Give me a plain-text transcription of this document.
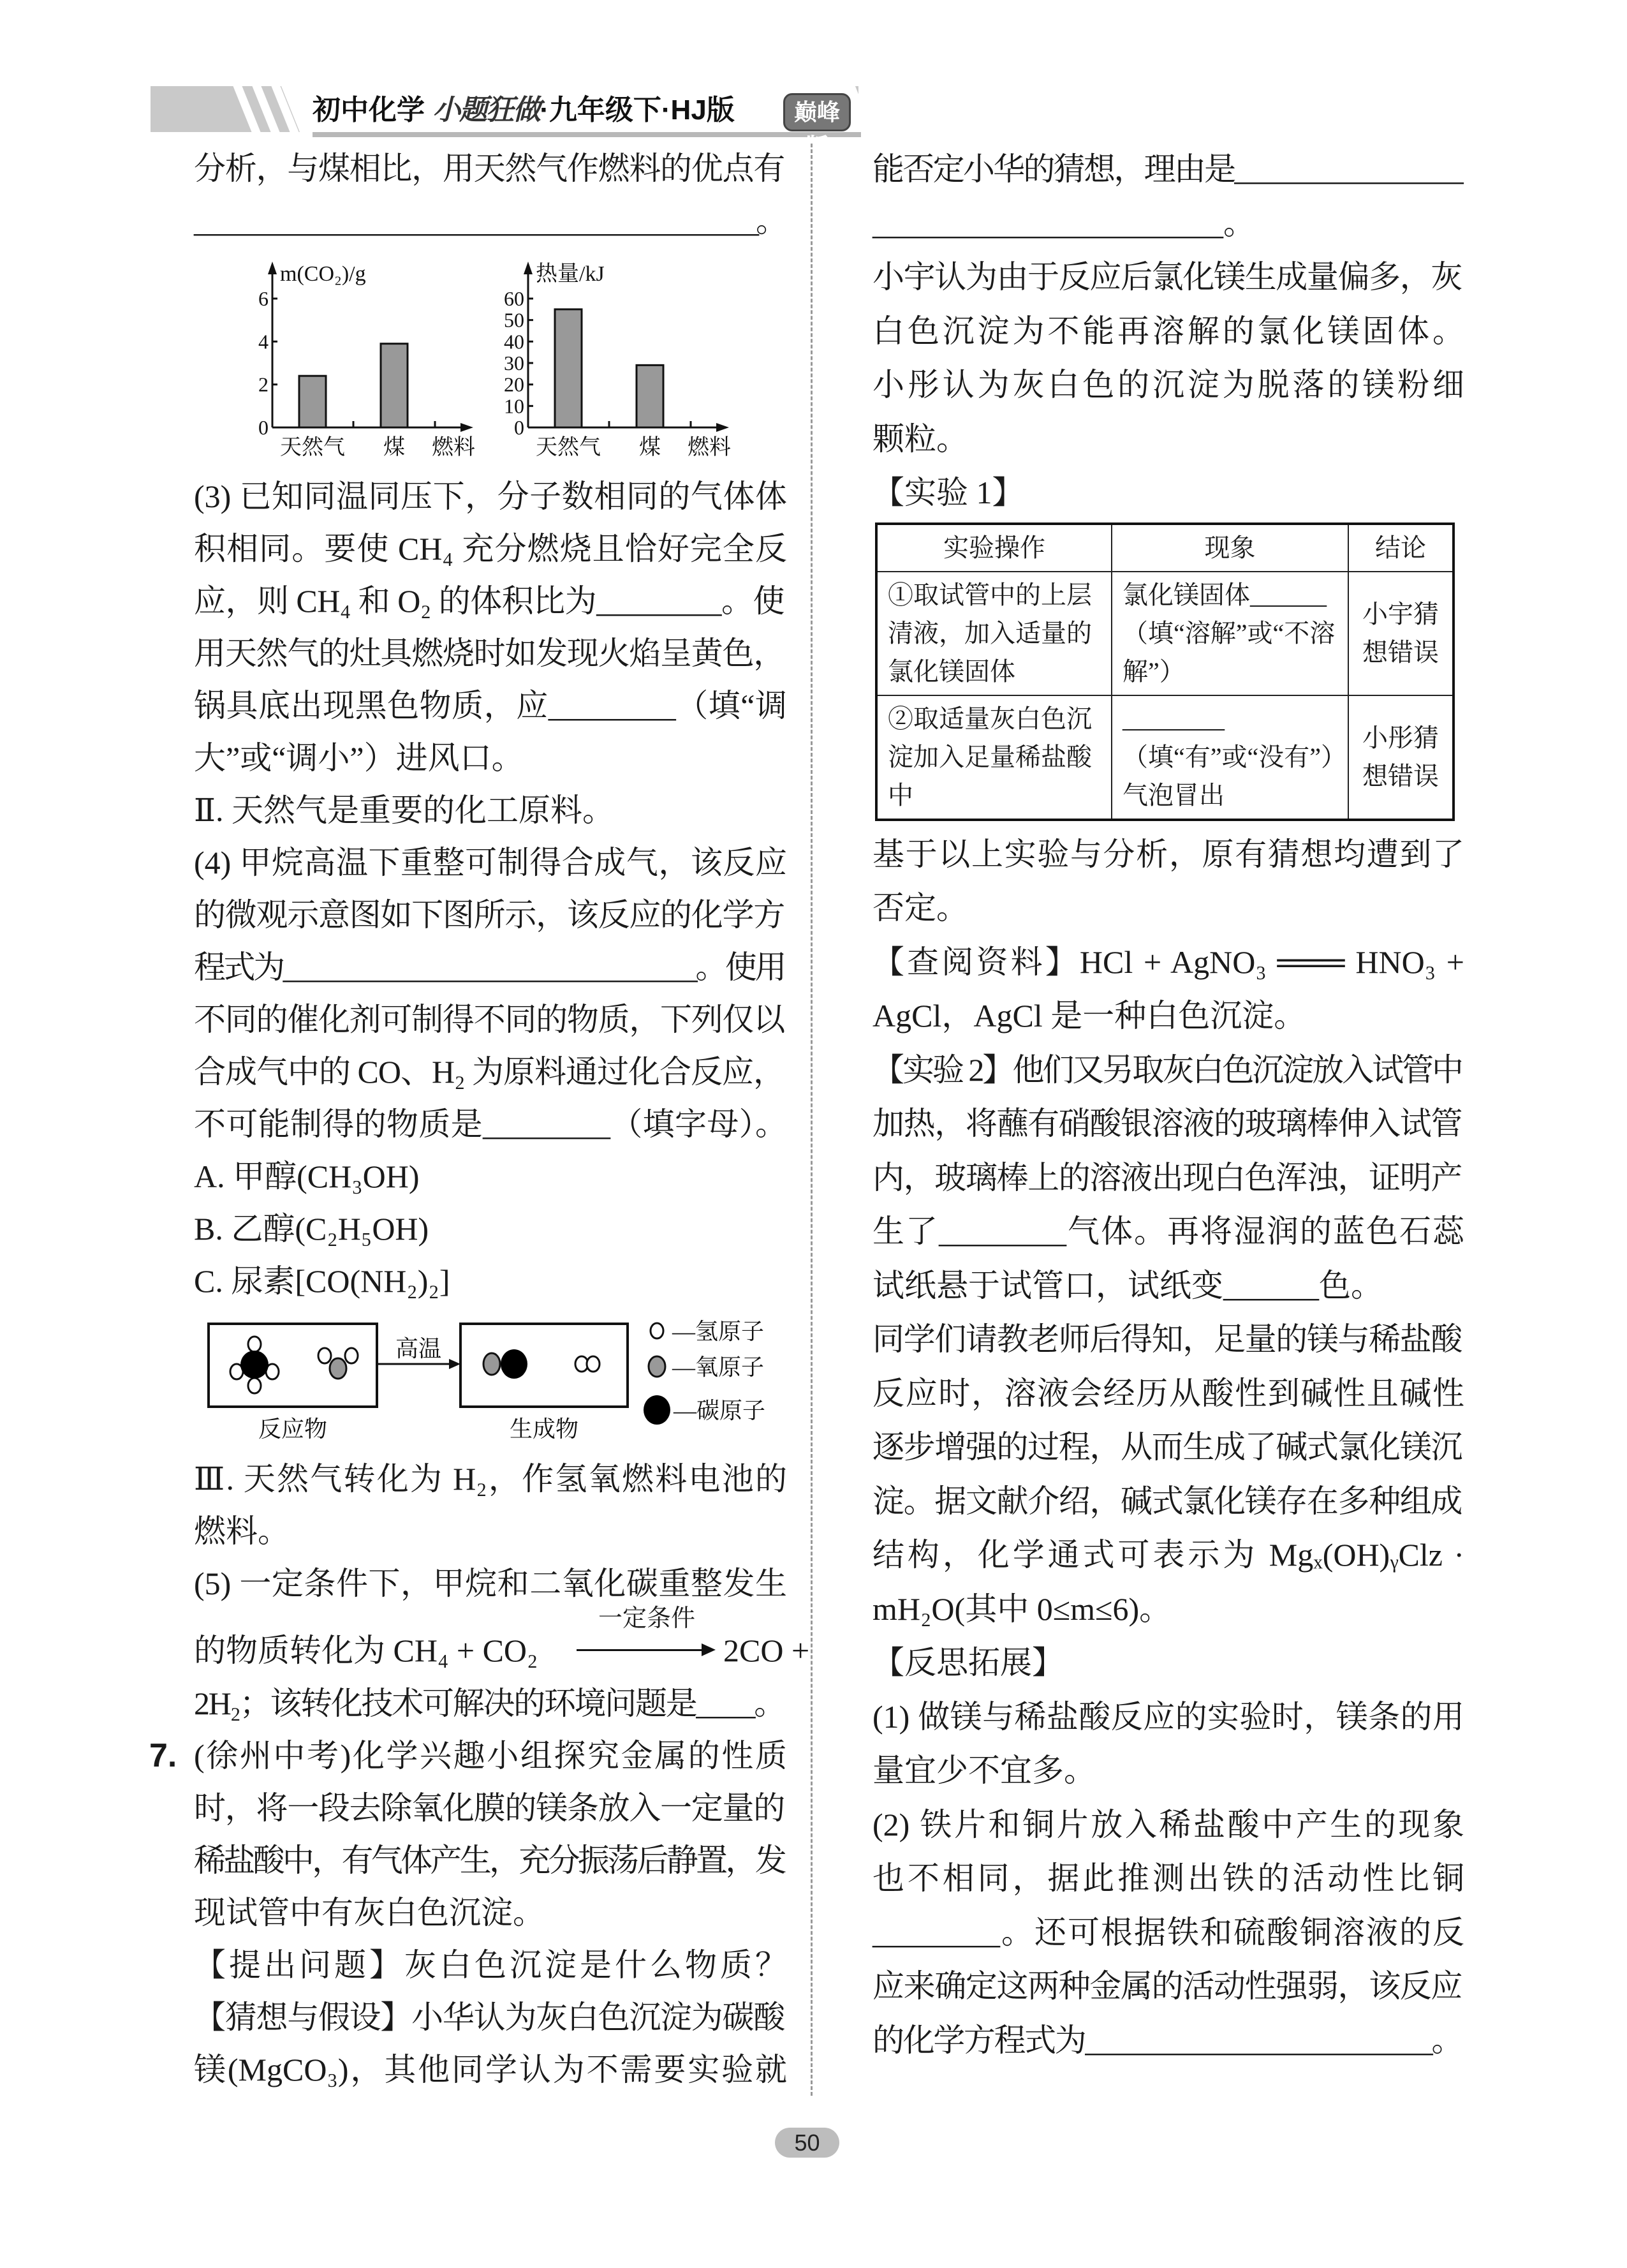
初中化学 小题狂做·九年级下·HJ版	巅峰版
分析，与煤相比，用天然气作燃料的优点有
____________________________________________。
(3) 已知同温同压下，分子数相同的气体体
积相同。要使 CH₄ 充分燃烧且恰好完全反
应，则 CH₄ 和 O₂ 的体积比为________。使
用天然气的灶具燃烧时如发现火焰呈黄色，
锅具底出现黑色物质，应________（填“调
大”或“调小”）进风口。
Ⅱ. 天然气是重要的化工原料。
(4) 甲烷高温下重整可制得合成气，该反应
的微观示意图如下图所示，该反应的化学方
程式为______________________________。使用
不同的催化剂可制得不同的物质，下列仅以
合成气中的 CO、H₂ 为原料通过化合反应，
不可能制得的物质是________（填字母）。
A. 甲醇(CH₃OH)
B. 乙醇(C₂H₅OH)
C. 尿素[CO(NH₂)₂]
Ⅲ. 天然气转化为 H₂，作氢氧燃料电池的
燃料。
(5) 一定条件下，甲烷和二氧化碳重整发生
的物质转化为 CH₄ + CO₂
一定条件
2CO +
2H₂；该转化技术可解决的环境问题是____。
7. (徐州中考)化学兴趣小组探究金属的性质
时，将一段去除氧化膜的镁条放入一定量的
稀盐酸中，有气体产生，充分振荡后静置，发
现试管中有灰白色沉淀。
【提出问题】灰白色沉淀是什么物质？
【猜想与假设】小华认为灰白色沉淀为碳酸
镁(MgCO₃)，其他同学认为不需要实验就
能否定小华的猜想，理由是________________
______________________。
小宇认为由于反应后氯化镁生成量偏多，灰
白色沉淀为不能再溶解的氯化镁固体。
小彤认为灰白色的沉淀为脱落的镁粉细
颗粒。
【实验 1】
实验操作	现象	结论
①取试管中的上层清液，加入适量的氯化镁固体	氯化镁固体______（填“溶解”或“不溶解”）	小宇猜想错误
②取适量灰白色沉淀加入足量稀盐酸中	________（填“有”或“没有”）气泡冒出	小彤猜想错误
基于以上实验与分析，原有猜想均遭到了
否定。
【查阅资料】HCl + AgNO₃ ═══ HNO₃ +
AgCl，AgCl 是一种白色沉淀。
【实验 2】他们又另取灰白色沉淀放入试管中
加热，将蘸有硝酸银溶液的玻璃棒伸入试管
内，玻璃棒上的溶液出现白色浑浊，证明产
生了________气体。再将湿润的蓝色石蕊
试纸悬于试管口，试纸变______色。
同学们请教老师后得知，足量的镁与稀盐酸
反应时，溶液会经历从酸性到碱性且碱性
逐步增强的过程，从而生成了碱式氯化镁沉
淀。据文献介绍，碱式氯化镁存在多种组成
结构，化学通式可表示为 Mgₓ(OH)ᵧClz ·
mH₂O(其中 0≤m≤6)。
【反思拓展】
(1) 做镁与稀盐酸反应的实验时，镁条的用
量宜少不宜多。
(2) 铁片和铜片放入稀盐酸中产生的现象
也不相同，据此推测出铁的活动性比铜
________。还可根据铁和硫酸铜溶液的反
应来确定这两种金属的活动性强弱，该反应
的化学方程式为________________________。
0
2
4
6
m(CO₂)/g
天然气 煤 燃料
0
10
20
30
40
50
60
热量/kJ
天然气 煤 燃料
高温
反应物	生成物
—氢原子
—氧原子
—碳原子
50
